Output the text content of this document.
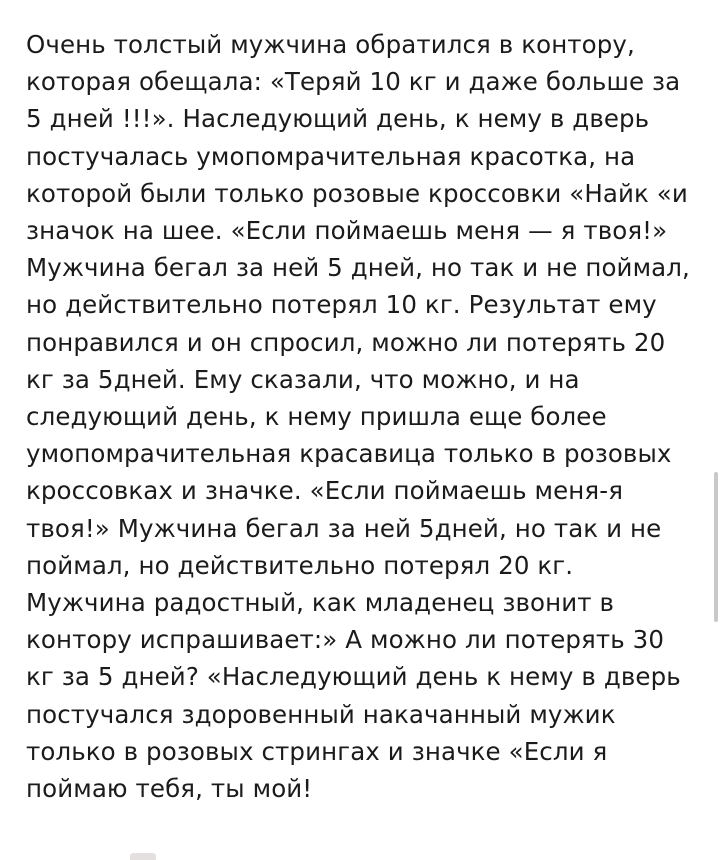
Очень толстый мужчина обратился в контору, которая обещала: «Теряй 10 кг и даже больше за 5 дней !!!». Наследующий день, к нему в дверь постучалась умопомрачительная красотка, на которой были только розовые кроссовки «Найк «и значок на шее. «Если поймаешь меня — я твоя!» Мужчина бегал за ней 5 дней, но так и не поймал, но действительно потерял 10 кг. Результат ему понравился и он спросил, можно ли потерять 20 кг за 5дней. Ему сказали, что можно, и на следующий день, к нему пришла еще более умопомрачительная красавица только в розовых кроссовках и значке. «Если поймаешь меня-я твоя!» Мужчина бегал за ней 5дней, но так и не поймал, но действительно потерял 20 кг. Мужчина радостный, как младенец звонит в контору испрашивает:» А можно ли потерять 30 кг за 5 дней? «Наследующий день к нему в дверь постучался здоровенный накачанный мужик только в розовых стрингах и значке «Если я поймаю тебя, ты мой!
